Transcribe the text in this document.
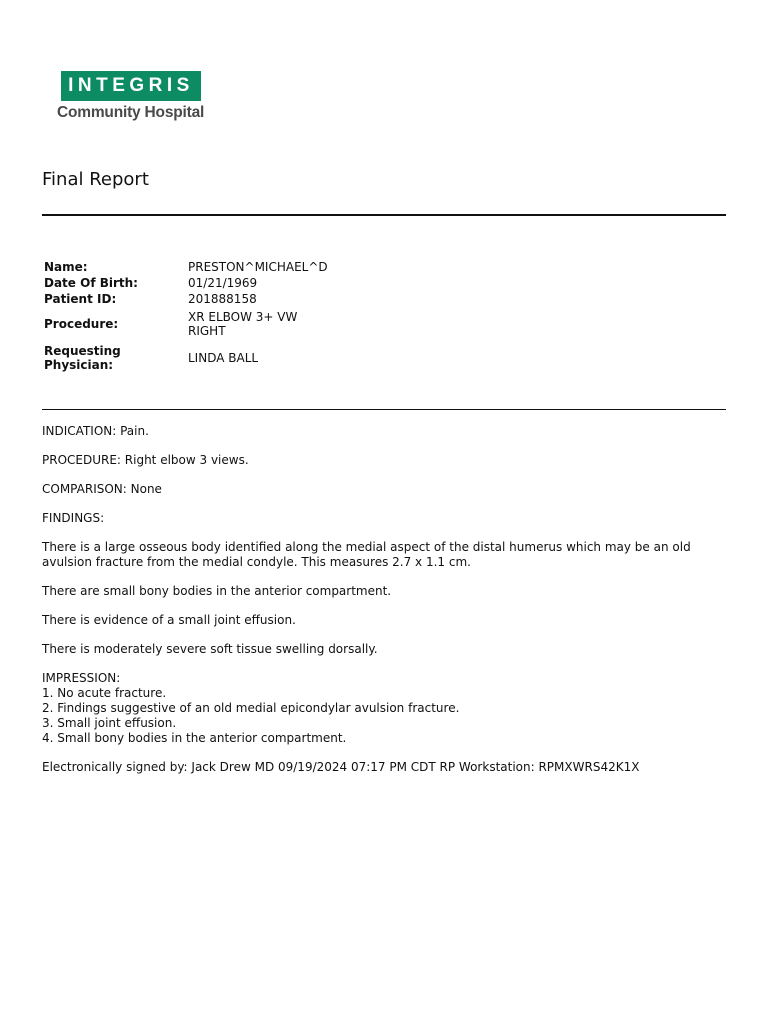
INTEGRIS
Community Hospital
Final Report
Name:	PRESTON^MICHAEL^D
Date Of Birth:	01/21/1969
Patient ID:	201888158
Procedure:	XR ELBOW 3+ VW
RIGHT

Requesting
Physician:	LINDA BALL

INDICATION: Pain.

PROCEDURE: Right elbow 3 views.

COMPARISON: None

FINDINGS:

There is a large osseous body identified along the medial aspect of the distal humerus which may be an old avulsion fracture from the medial condyle. This measures 2.7 x 1.1 cm.

There are small bony bodies in the anterior compartment.

There is evidence of a small joint effusion.

There is moderately severe soft tissue swelling dorsally.

IMPRESSION:
1. No acute fracture.
2. Findings suggestive of an old medial epicondylar avulsion fracture.
3. Small joint effusion.
4. Small bony bodies in the anterior compartment.

Electronically signed by: Jack Drew MD 09/19/2024 07:17 PM CDT RP Workstation: RPMXWRS42K1X
